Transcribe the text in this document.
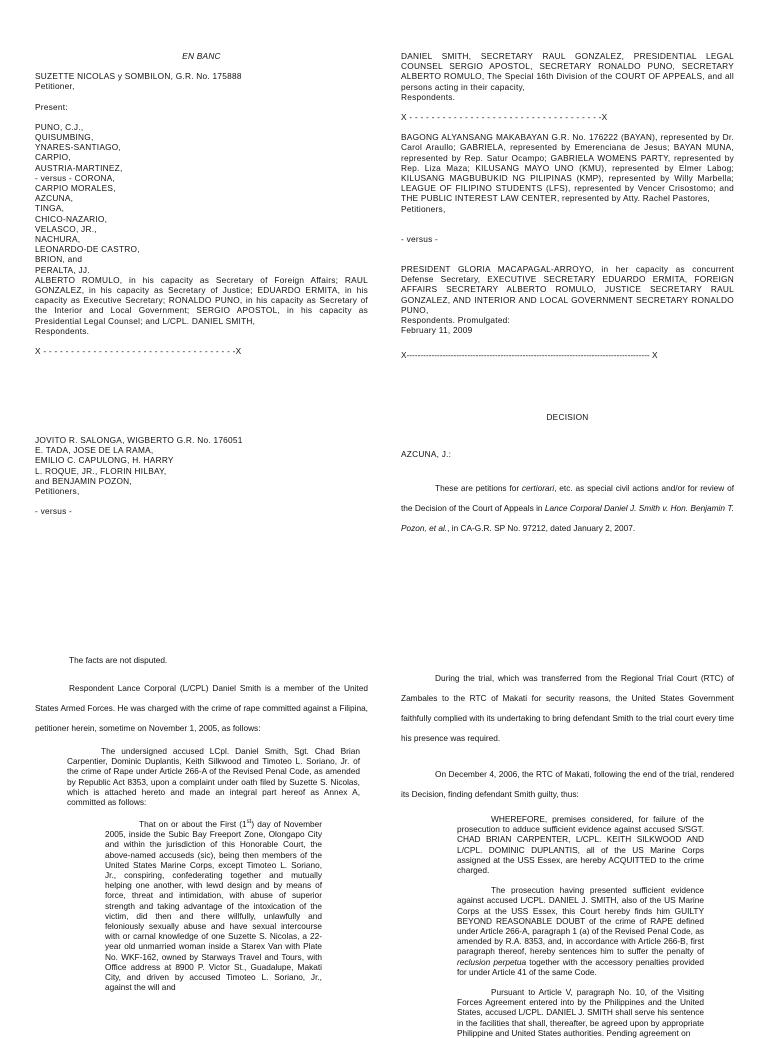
EN BANC

SUZETTE NICOLAS y SOMBILON, G.R. No. 175888

Petitioner,

Present:

PUNO, C.J.,

QUISUMBING,

YNARES-SANTIAGO,

CARPIO,

AUSTRIA-MARTINEZ,

- versus - CORONA,

CARPIO MORALES,

AZCUNA,

TINGA,

CHICO-NAZARIO,

VELASCO, JR.,

NACHURA,

LEONARDO-DE CASTRO,

BRION, and

PERALTA, JJ.

ALBERTO ROMULO, in his capacity as Secretary of Foreign Affairs; RAUL GONZALEZ, in his capacity as Secretary of Justice; EDUARDO ERMITA, in his capacity as Executive Secretary; RONALDO PUNO, in his capacity as Secretary of the Interior and Local Government; SERGIO APOSTOL, in his capacity as Presidential Legal Counsel; and L/CPL. DANIEL SMITH,

Respondents.

X - - - - - - - - - - - - - - - - - - - - - - - - - - - - - - - - - - -X

JOVITO R. SALONGA, WIGBERTO G.R. No. 176051

E. TADA, JOSE DE LA RAMA,

EMILIO C. CAPULONG, H. HARRY

L. ROQUE, JR., FLORIN HILBAY,

and BENJAMIN POZON,

Petitioners,

- versus -

DANIEL SMITH, SECRETARY RAUL GONZALEZ, PRESIDENTIAL LEGAL COUNSEL SERGIO APOSTOL, SECRETARY RONALDO PUNO, SECRETARY ALBERTO ROMULO, The Special 16th Division of the COURT OF APPEALS, and all persons acting in their capacity,

Respondents.

X - - - - - - - - - - - - - - - - - - - - - - - - - - - - - - - - - - -X

BAGONG ALYANSANG MAKABAYAN G.R. No. 176222 (BAYAN), represented by Dr. Carol Araullo; GABRIELA, represented by Emerenciana de Jesus; BAYAN MUNA, represented by Rep. Satur Ocampo; GABRIELA WOMENS PARTY, represented by Rep. Liza Maza; KILUSANG MAYO UNO (KMU), represented by Elmer Labog; KILUSANG MAGBUBUKID NG PILIPINAS (KMP), represented by Willy Marbella; LEAGUE OF FILIPINO STUDENTS (LFS), represented by Vencer Crisostomo; and THE PUBLIC INTEREST LAW CENTER, represented by Atty. Rachel Pastores,

Petitioners,

- versus -

PRESIDENT GLORIA MACAPAGAL-ARROYO, in her capacity as concurrent Defense Secretary, EXECUTIVE SECRETARY EDUARDO ERMITA, FOREIGN AFFAIRS SECRETARY ALBERTO ROMULO, JUSTICE SECRETARY RAUL GONZALEZ, AND INTERIOR AND LOCAL GOVERNMENT SECRETARY RONALDO PUNO,

Respondents. Promulgated:

February 11, 2009

X---------------------------------------------------------------------------------------- X
DECISION
AZCUNA, J.:
These are petitions for certiorari, etc. as special civil actions and/or for review of the Decision of the Court of Appeals in Lance Corporal Daniel J. Smith v. Hon. Benjamin T. Pozon, et al., in CA-G.R. SP No. 97212, dated January 2, 2007.

The facts are not disputed.

Respondent Lance Corporal (L/CPL) Daniel Smith is a member of the United States Armed Forces. He was charged with the crime of rape committed against a Filipina, petitioner herein, sometime on November 1, 2005, as follows:

The undersigned accused LCpl. Daniel Smith, Sgt. Chad Brian Carpentier, Dominic Duplantis, Keith Silkwood and Timoteo L. Soriano, Jr. of the crime of Rape under Article 266-A of the Revised Penal Code, as amended by Republic Act 8353, upon a complaint under oath filed by Suzette S. Nicolas, which is attached hereto and made an integral part hereof as Annex A, committed as follows:

That on or about the First (1st) day of November 2005, inside the Subic Bay Freeport Zone, Olongapo City and within the jurisdiction of this Honorable Court, the above-named accuseds (sic), being then members of the United States Marine Corps, except Timoteo L. Soriano, Jr., conspiring, confederating together and mutually helping one another, with lewd design and by means of force, threat and intimidation, with abuse of superior strength and taking advantage of the intoxication of the victim, did then and there willfully, unlawfully and feloniously sexually abuse and have sexual intercourse with or carnal knowledge of one Suzette S. Nicolas, a 22-year old unmarried woman inside a Starex Van with Plate No. WKF-162, owned by Starways Travel and Tours, with Office address at 8900 P. Victor St., Guadalupe, Makati City, and driven by accused Timoteo L. Soriano, Jr., against the will and

During the trial, which was transferred from the Regional Trial Court (RTC) of Zambales to the RTC of Makati for security reasons, the United States Government faithfully complied with its undertaking to bring defendant Smith to the trial court every time his presence was required.

On December 4, 2006, the RTC of Makati, following the end of the trial, rendered its Decision, finding defendant Smith guilty, thus:

WHEREFORE, premises considered, for failure of the prosecution to adduce sufficient evidence against accused S/SGT. CHAD BRIAN CARPENTER, L/CPL. KEITH SILKWOOD AND L/CPL. DOMINIC DUPLANTIS, all of the US Marine Corps assigned at the USS Essex, are hereby ACQUITTED to the crime charged.

The prosecution having presented sufficient evidence against accused L/CPL. DANIEL J. SMITH, also of the US Marine Corps at the USS Essex, this Court hereby finds him GUILTY BEYOND REASONABLE DOUBT of the crime of RAPE defined under Article 266-A, paragraph 1 (a) of the Revised Penal Code, as amended by R.A. 8353, and, in accordance with Article 266-B, first paragraph thereof, hereby sentences him to suffer the penalty of reclusion perpetua together with the accessory penalties provided for under Article 41 of the same Code.

Pursuant to Article V, paragraph No. 10, of the Visiting Forces Agreement entered into by the Philippines and the United States, accused L/CPL. DANIEL J. SMITH shall serve his sentence in the facilities that shall, thereafter, be agreed upon by appropriate Philippine and United States authorities. Pending agreement on
